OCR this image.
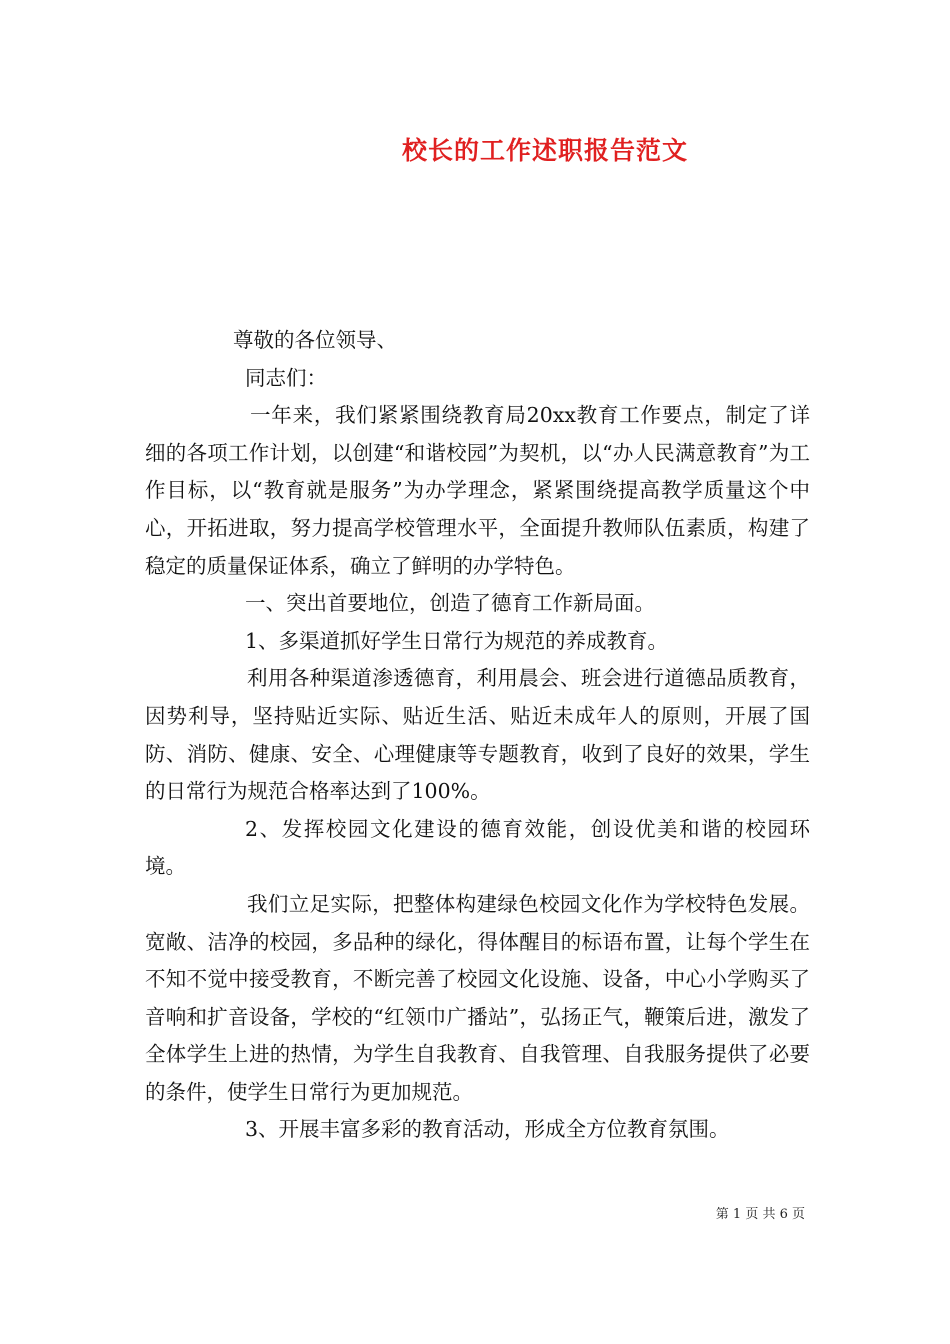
校长的工作述职报告范文

尊敬的各位领导、

同志们：

一年来，我们紧紧围绕教育局20xx教育工作要点，制定了详细的各项工作计划，以创建“和谐校园”为契机，以“办人民满意教育”为工作目标，以“教育就是服务”为办学理念，紧紧围绕提高教学质量这个中心，开拓进取，努力提高学校管理水平，全面提升教师队伍素质，构建了稳定的质量保证体系，确立了鲜明的办学特色。

一、突出首要地位，创造了德育工作新局面。

1、多渠道抓好学生日常行为规范的养成教育。

利用各种渠道渗透德育，利用晨会、班会进行道德品质教育，因势利导，坚持贴近实际、贴近生活、贴近未成年人的原则，开展了国防、消防、健康、安全、心理健康等专题教育，收到了良好的效果，学生的日常行为规范合格率达到了100%。

2、发挥校园文化建设的德育效能，创设优美和谐的校园环境。

我们立足实际，把整体构建绿色校园文化作为学校特色发展。宽敞、洁净的校园，多品种的绿化，得体醒目的标语布置，让每个学生在不知不觉中接受教育，不断完善了校园文化设施、设备，中心小学购买了音响和扩音设备，学校的“红领巾广播站”，弘扬正气，鞭策后进，激发了全体学生上进的热情，为学生自我教育、自我管理、自我服务提供了必要的条件，使学生日常行为更加规范。

3、开展丰富多彩的教育活动，形成全方位教育氛围。

第 1 页 共 6 页
